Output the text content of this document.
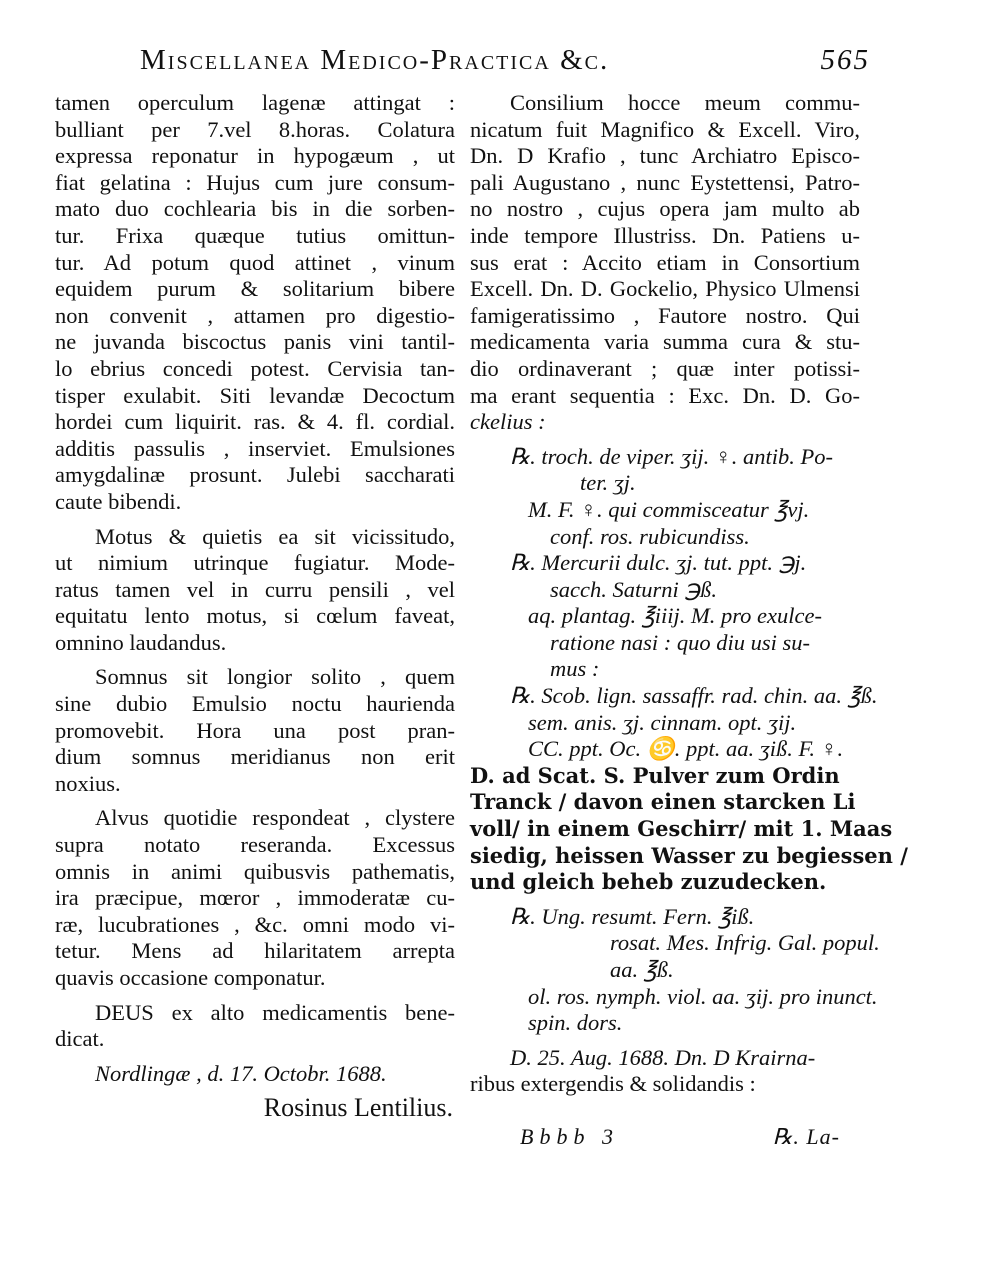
Miscellanea Medico-Practica &c.	565
tamen operculum lagenæ attingat :
bulliant per 7.vel 8.horas. Colatura
expressa reponatur in hypogæum , ut
fiat gelatina : Hujus cum jure consum-
mato duo cochlearia bis in die sorben-
tur. Frixa quæque tutius omittun-
tur. Ad potum quod attinet , vinum
equidem purum & solitarium bibere
non convenit , attamen pro digestio-
ne juvanda biscoctus panis vini tantil-
lo ebrius concedi potest. Cervisia tan-
tisper exulabit. Siti levandæ Decoctum
hordei cum liquirit. ras. & 4. fl. cordial.
additis passulis , inserviet. Emulsiones
amygdalinæ prosunt. Julebi saccharati
caute bibendi.
Motus & quietis ea sit vicissitudo,
ut nimium utrinque fugiatur. Mode-
ratus tamen vel in curru pensili , vel
equitatu lento motus, si cœlum faveat,
omnino laudandus.
Somnus sit longior solito , quem
sine dubio Emulsio noctu haurienda
promovebit. Hora una post pran-
dium somnus meridianus non erit
noxius.
Alvus quotidie respondeat , clystere
supra notato reseranda. Excessus
omnis in animi quibusvis pathematis,
ira præcipue, mœror , immoderatæ cu-
ræ, lucubrationes , &c. omni modo vi-
tetur. Mens ad hilaritatem arrepta
quavis occasione componatur.
DEUS ex alto medicamentis bene-
dicat.
Nordlingæ , d. 17. Octobr. 1688.
Rosinus Lentilius.
Consilium hocce meum commu-
nicatum fuit Magnifico & Excell. Viro,
Dn. D Krafio , tunc Archiatro Episco-
pali Augustano , nunc Eystettensi, Patro-
no nostro , cujus opera jam multo ab
inde tempore Illustriss. Dn. Patiens u-
sus erat : Accito etiam in Consortium
Excell. Dn. D. Gockelio, Physico Ulmensi
famigeratissimo , Fautore nostro. Qui
medicamenta varia summa cura & stu-
dio ordinaverant ; quæ inter potissi-
ma erant sequentia : Exc. Dn. D. Go-
ckelius :
℞. troch. de viper. ʒij. ♀. antib. Po-
ter. ʒj.
M. F. ♀. qui commisceatur ℥vj.
conf. ros. rubicundiss.
℞. Mercurii dulc. ʒj. tut. ppt. ℈j.
sacch. Saturni ℈ß.
aq. plantag. ℥iiij. M. pro exulce-
ratione nasi : quo diu usi su-
mus :
℞. Scob. lign. sassaffr. rad. chin. aa. ℥ß.
sem. anis. ʒj. cinnam. opt. ʒij.
CC. ppt. Oc. ♋. ppt. aa. ʒiß. F. ♀.
D. ad Scat. S. Pulver zum Ordin
Tranck / davon einen starcken Li
voll/ in einem Geschirr/ mit 1. Maas
siedig, heissen Wasser zu begiessen /
und gleich beheb zuzudecken.
℞. Ung. resumt. Fern. ℥iß.
rosat. Mes. Infrig. Gal. popul.
aa. ℥ß.
ol. ros. nymph. viol. aa. ʒij. pro inunct.
spin. dors.
D. 25. Aug. 1688. Dn. D Krairna-
ribus extergendis & solidandis :
Bbbb 3	℞. La-
